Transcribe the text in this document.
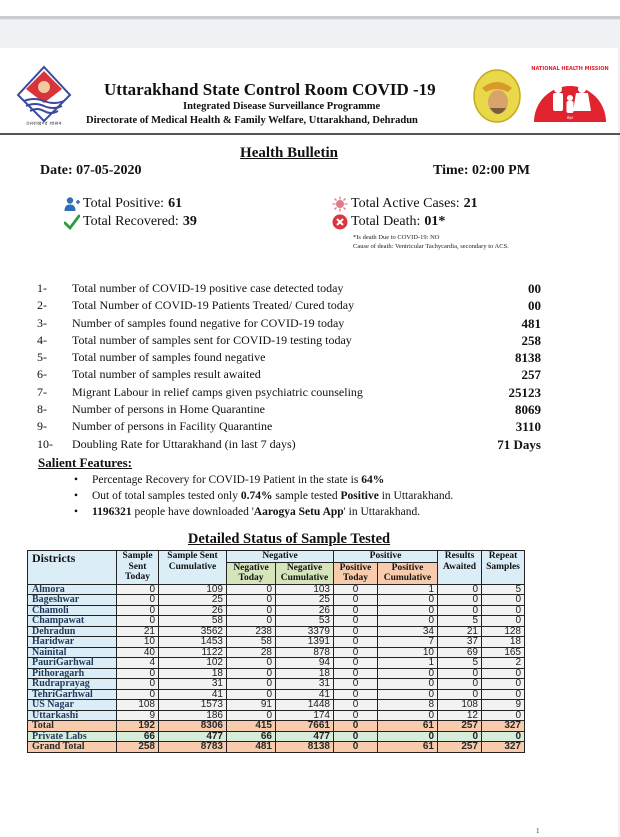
उत्तराखण्ड शासन
Uttarakhand State Control Room COVID -19
Integrated Disease Surveillance Programme
Directorate of Medical Health & Family Welfare, Uttarakhand, Dehradun	सेहत
NATIONAL HEALTH MISSION
Health Bulletin
Date: 07-05-2020	Time: 02:00 PM
Total Positive: 61
Total Recovered: 39
Total Active Cases: 21
Total Death: 01*
*Is death Due to COVID-19: NO
Cause of death: Ventricular Tachycardia, secondary to ACS.
1- Total number of COVID-19 positive case detected today	00
2- Total Number of COVID-19 Patients Treated/ Cured today	00
3- Number of samples found negative for COVID-19 today	481
4- Total number of samples sent for COVID-19 testing today	258
5- Total number of samples found negative	8138
6- Total number of samples result awaited	257
7- Migrant Labour in relief camps given psychiatric counseling	25123
8- Number of persons in Home Quarantine	8069
9- Number of persons in Facility Quarantine	3110
10- Doubling Rate for Uttarakhand (in last 7 days)	71 Days
Salient Features:
• Percentage Recovery for COVID-19 Patient in the state is 64%
• Out of total samples tested only 0.74% sample tested Positive in Uttarakhand.
• 1196321 people have downloaded 'Aarogya Setu App' in Uttarakhand.
Detailed Status of Sample Tested
Districts	Sample Sent Today	Sample Sent Cumulative	Negative		Positive		Results Awaited	Repeat Samples
			Negative Today	Negative Cumulative	Positive Today	Positive Cumulative		
Almora	0	109	0	103	0	1	0	5
Bageshwar	0	25	0	25	0	0	0	0
Chamoli	0	26	0	26	0	0	0	0
Champawat	0	58	0	53	0	0	5	0
Dehradun	21	3562	238	3379	0	34	21	128
Haridwar	10	1453	58	1391	0	7	37	18
Nainital	40	1122	28	878	0	10	69	165
PauriGarhwal	4	102	0	94	0	1	5	2
Pithoragarh	0	18	0	18	0	0	0	0
Rudraprayag	0	31	0	31	0	0	0	0
TehriGarhwal	0	41	0	41	0	0	0	0
US Nagar	108	1573	91	1448	0	8	108	9
Uttarkashi	9	186	0	174	0	0	12	0
Total	192	8306	415	7661	0	61	257	327
Private Labs	66	477	66	477	0	0	0	0
Grand Total	258	8783	481	8138	0	61	257	327
1
